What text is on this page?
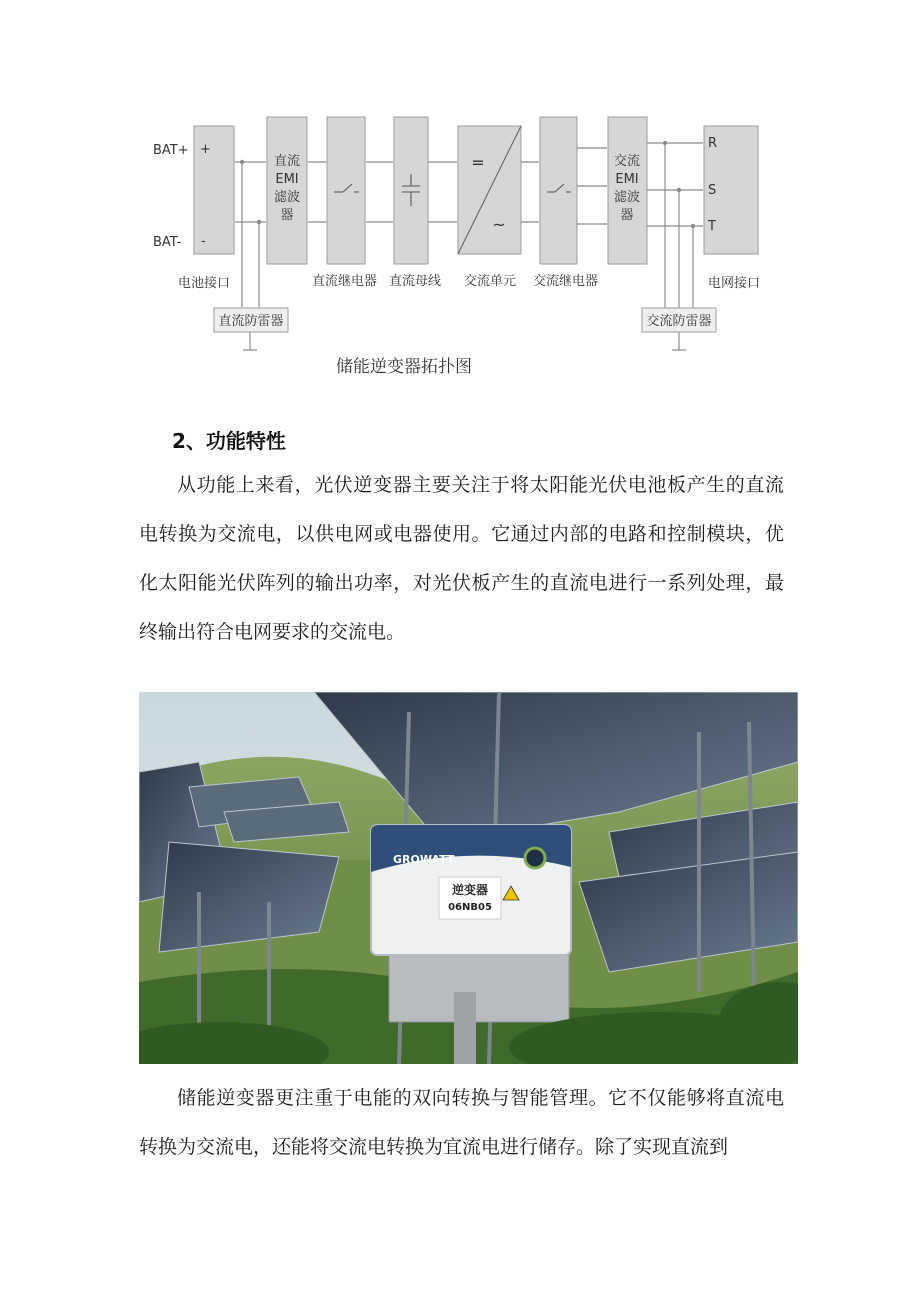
+
-
直流
EMI
滤波
器
=
~
交流
EMI
滤波
器
R
S
T
BAT+
BAT-
电池接口	直流继电器 直流母线 交流单元 交流继电器	电网接口
直流防雷器	交流防雷器
储能逆变器拓扑图
2、功能特性
从功能上来看，光伏逆变器主要关注于将太阳能光伏电池板产生的直流电转换为交流电，以供电网或电器使用。它通过内部的电路和控制模块，优化太阳能光伏阵列的输出功率，对光伏板产生的直流电进行一系列处理，最终输出符合电网要求的交流电。
GROWATT
逆变器
06NB05
储能逆变器更注重于电能的双向转换与智能管理。它不仅能够将直流电转换为交流电，还能将交流电转换为宜流电进行储存。除了实现直流到
